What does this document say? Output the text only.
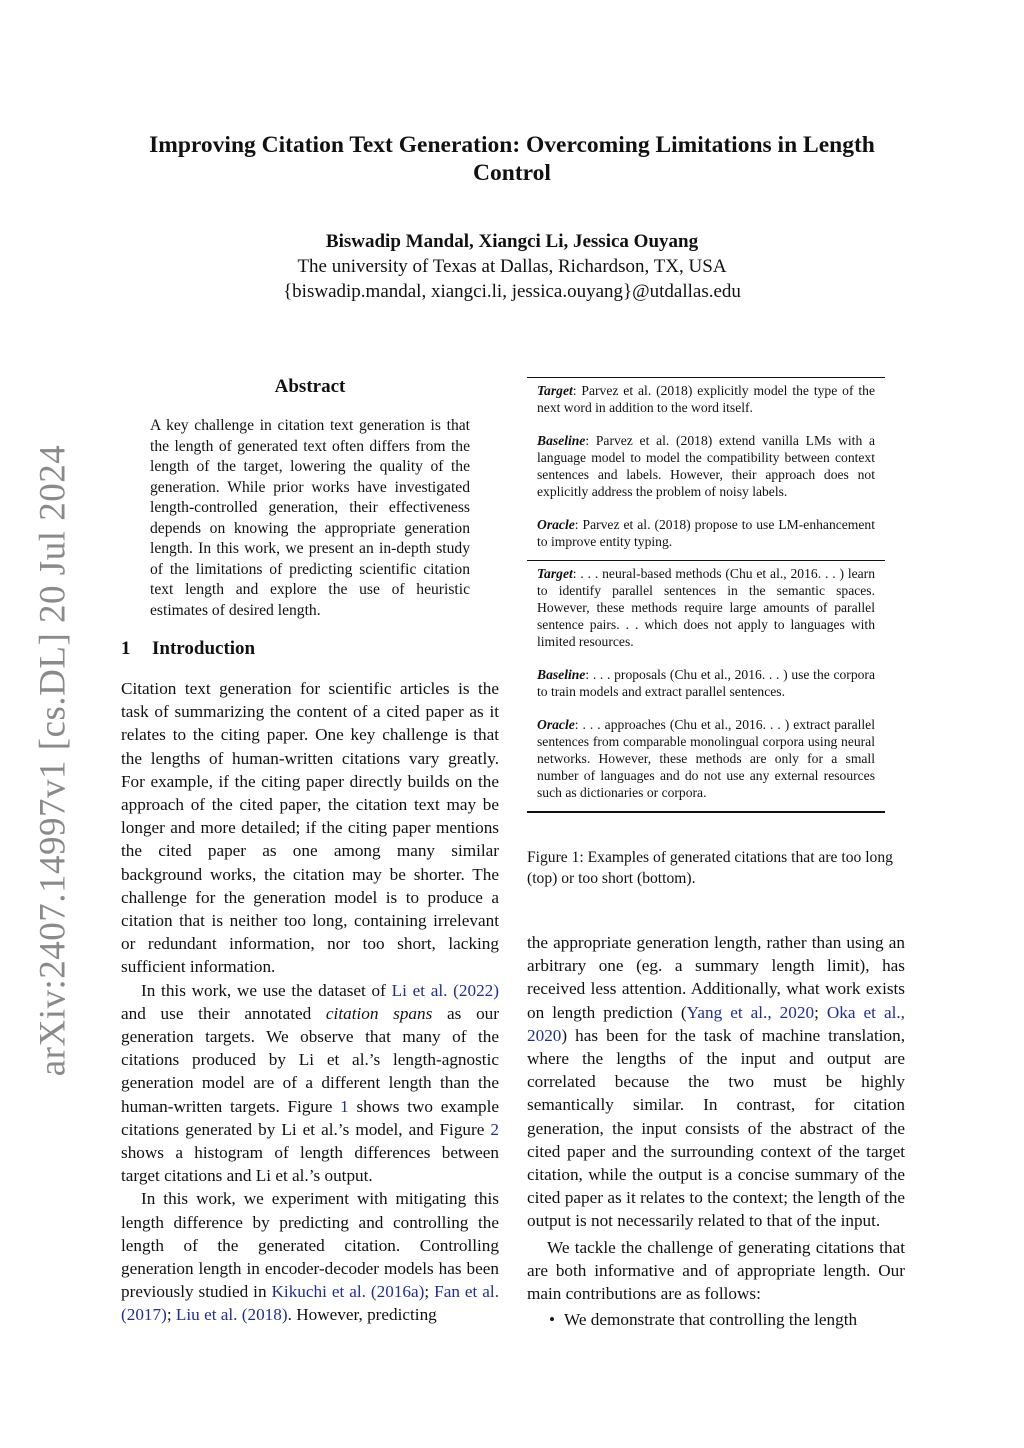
arXiv:2407.14997v1 [cs.DL] 20 Jul 2024
Improving Citation Text Generation: Overcoming Limitations in Length Control
Biswadip Mandal, Xiangci Li, Jessica Ouyang
The university of Texas at Dallas, Richardson, TX, USA
{biswadip.mandal, xiangci.li, jessica.ouyang}@utdallas.edu
Abstract

A key challenge in citation text generation is that the length of generated text often differs from the length of the target, lowering the quality of the generation. While prior works have investigated length-controlled generation, their effectiveness depends on knowing the appropriate generation length. In this work, we present an in-depth study of the limitations of predicting scientific citation text length and explore the use of heuristic estimates of desired length.

1 Introduction

Citation text generation for scientific articles is the task of summarizing the content of a cited paper as it relates to the citing paper. One key challenge is that the lengths of human-written citations vary greatly. For example, if the citing paper directly builds on the approach of the cited paper, the citation text may be longer and more detailed; if the citing paper mentions the cited paper as one among many similar background works, the citation may be shorter. The challenge for the generation model is to produce a citation that is neither too long, containing irrelevant or redundant information, nor too short, lacking sufficient information.

In this work, we use the dataset of Li et al. (2022) and use their annotated citation spans as our generation targets. We observe that many of the citations produced by Li et al.’s length-agnostic generation model are of a different length than the human-written targets. Figure 1 shows two example citations generated by Li et al.’s model, and Figure 2 shows a histogram of length differences between target citations and Li et al.’s output.

In this work, we experiment with mitigating this length difference by predicting and controlling the length of the generated citation. Controlling generation length in encoder-decoder models has been previously studied in Kikuchi et al. (2016a); Fan et al. (2017); Liu et al. (2018). However, predicting

Target: Parvez et al. (2018) explicitly model the type of the next word in addition to the word itself.

Baseline: Parvez et al. (2018) extend vanilla LMs with a language model to model the compatibility between context sentences and labels. However, their approach does not explicitly address the problem of noisy labels.

Oracle: Parvez et al. (2018) propose to use LM-enhancement to improve entity typing.

Target: . . . neural-based methods (Chu et al., 2016. . . ) learn to identify parallel sentences in the semantic spaces. However, these methods require large amounts of parallel sentence pairs. . . which does not apply to languages with limited resources.

Baseline: . . . proposals (Chu et al., 2016. . . ) use the corpora to train models and extract parallel sentences.

Oracle: . . . approaches (Chu et al., 2016. . . ) extract parallel sentences from comparable monolingual corpora using neural networks. However, these methods are only for a small number of languages and do not use any external resources such as dictionaries or corpora.

Figure 1: Examples of generated citations that are too long (top) or too short (bottom).

the appropriate generation length, rather than using an arbitrary one (eg. a summary length limit), has received less attention. Additionally, what work exists on length prediction (Yang et al., 2020; Oka et al., 2020) has been for the task of machine translation, where the lengths of the input and output are correlated because the two must be highly semantically similar. In contrast, for citation generation, the input consists of the abstract of the cited paper and the surrounding context of the target citation, while the output is a concise summary of the cited paper as it relates to the context; the length of the output is not necessarily related to that of the input.

We tackle the challenge of generating citations that are both informative and of appropriate length. Our main contributions are as follows:

• We demonstrate that controlling the length
